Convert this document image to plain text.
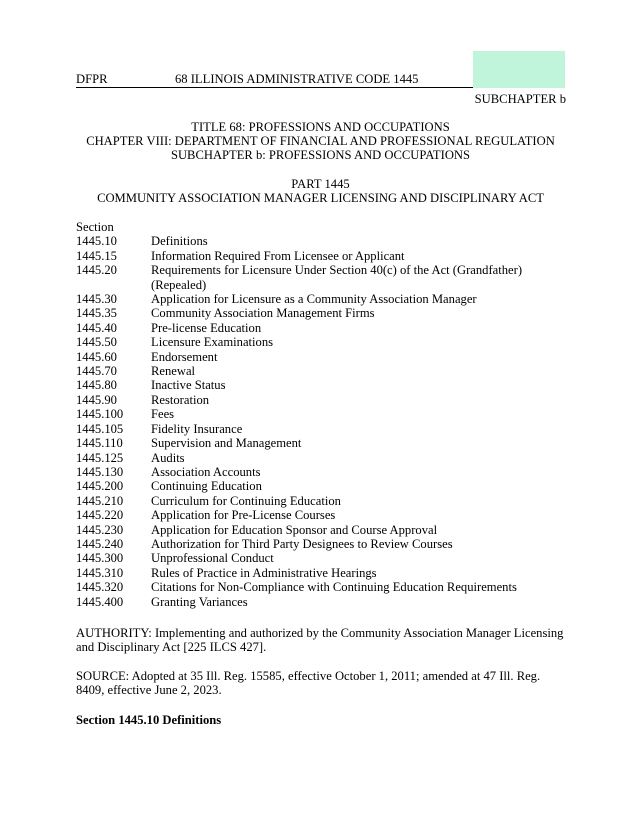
DFPR	68 ILLINOIS ADMINISTRATIVE CODE 1445
SUBCHAPTER b
TITLE 68: PROFESSIONS AND OCCUPATIONS
CHAPTER VIII: DEPARTMENT OF FINANCIAL AND PROFESSIONAL REGULATION
SUBCHAPTER b: PROFESSIONS AND OCCUPATIONS
PART 1445
COMMUNITY ASSOCIATION MANAGER LICENSING AND DISCIPLINARY ACT
Section
1445.10	Definitions
1445.15	Information Required From Licensee or Applicant
1445.20	Requirements for Licensure Under Section 40(c) of the Act (Grandfather)
(Repealed)
1445.30	Application for Licensure as a Community Association Manager
1445.35	Community Association Management Firms
1445.40	Pre-license Education
1445.50	Licensure Examinations
1445.60	Endorsement
1445.70	Renewal
1445.80	Inactive Status
1445.90	Restoration
1445.100	Fees
1445.105	Fidelity Insurance
1445.110	Supervision and Management
1445.125	Audits
1445.130	Association Accounts
1445.200	Continuing Education
1445.210	Curriculum for Continuing Education
1445.220	Application for Pre-License Courses
1445.230	Application for Education Sponsor and Course Approval
1445.240	Authorization for Third Party Designees to Review Courses
1445.300	Unprofessional Conduct
1445.310	Rules of Practice in Administrative Hearings
1445.320	Citations for Non-Compliance with Continuing Education Requirements
1445.400	Granting Variances
AUTHORITY: Implementing and authorized by the Community Association Manager Licensing and Disciplinary Act [225 ILCS 427].
SOURCE: Adopted at 35 Ill. Reg. 15585, effective October 1, 2011; amended at 47 Ill. Reg. 8409, effective June 2, 2023.
Section 1445.10 Definitions
